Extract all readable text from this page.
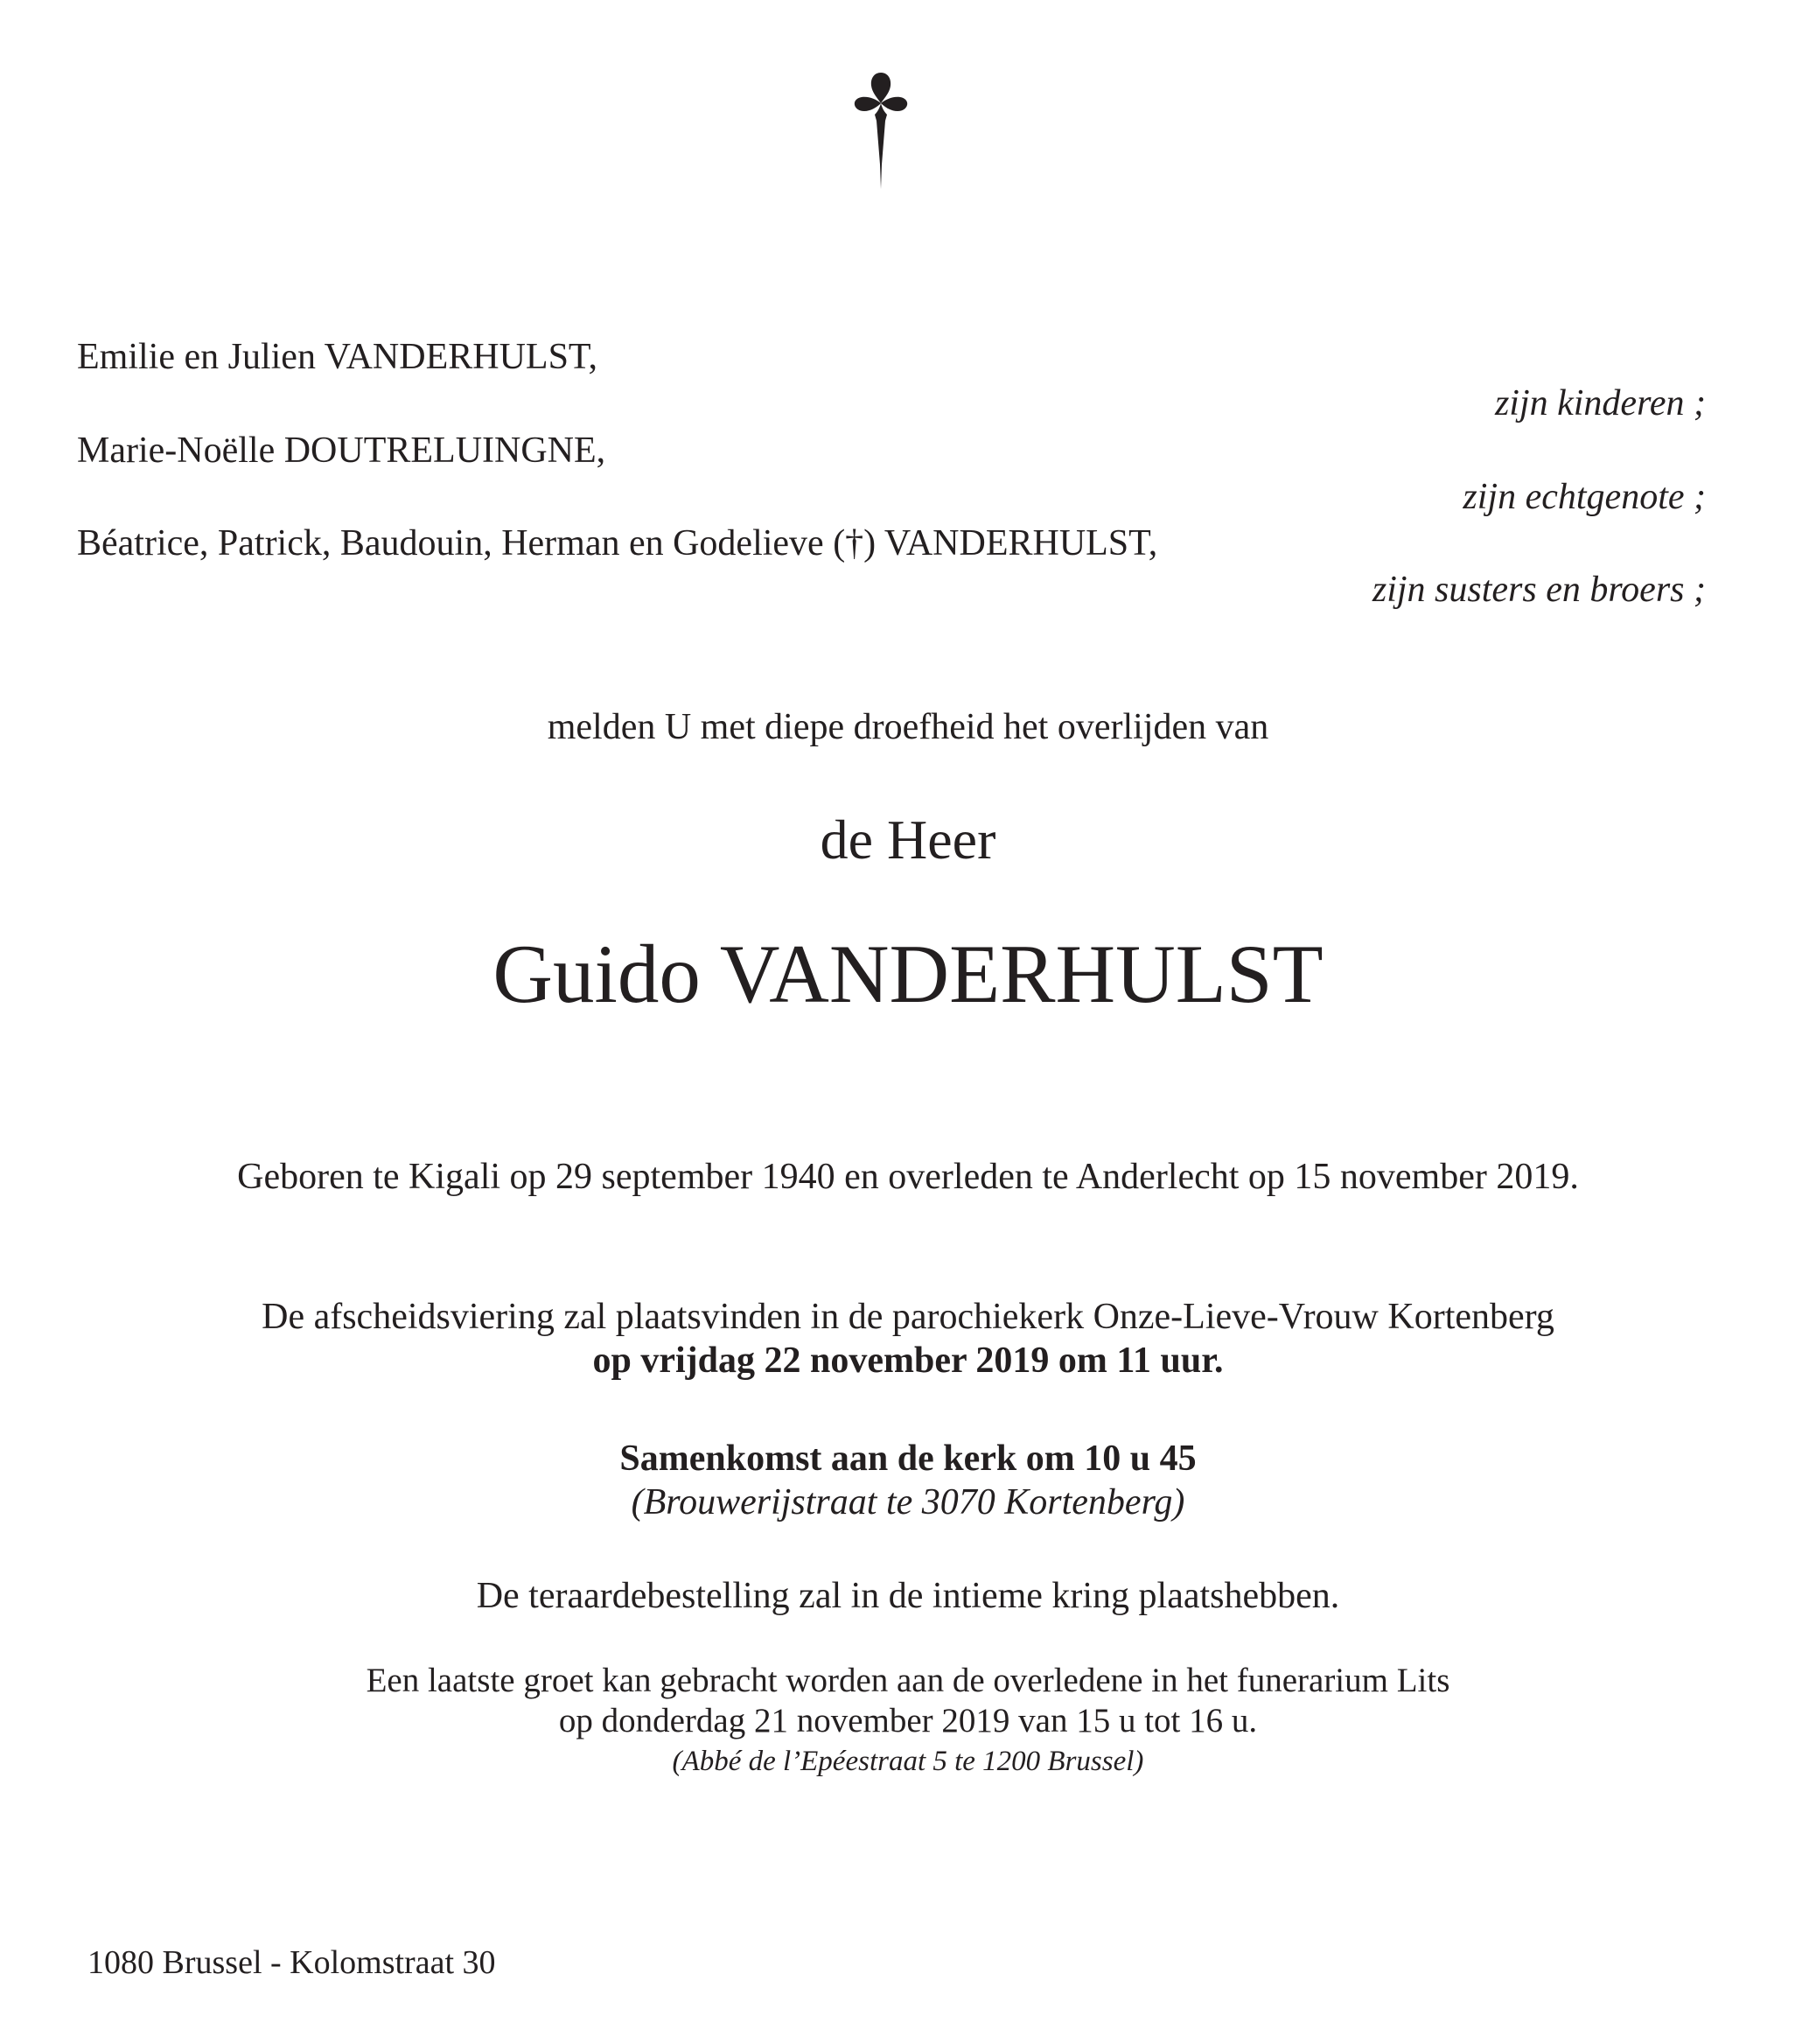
Emilie en Julien VANDERHULST,
zijn kinderen ;
Marie-Noëlle DOUTRELUINGNE,
zijn echtgenote ;
Béatrice, Patrick, Baudouin, Herman en Godelieve (†) VANDERHULST,
zijn susters en broers ;
melden U met diepe droefheid het overlijden van
de Heer
Guido VANDERHULST
Geboren te Kigali op 29 september 1940 en overleden te Anderlecht op 15 november 2019.
De afscheidsviering zal plaatsvinden in de parochiekerk Onze-Lieve-Vrouw Kortenberg
op vrijdag 22 november 2019 om 11 uur.
Samenkomst aan de kerk om 10 u 45
(Brouwerijstraat te 3070 Kortenberg)
De teraardebestelling zal in de intieme kring plaatshebben.
Een laatste groet kan gebracht worden aan de overledene in het funerarium Lits
op donderdag 21 november 2019 van 15 u tot 16 u.
(Abbé de l’Epéestraat 5 te 1200 Brussel)
1080 Brussel - Kolomstraat 30
